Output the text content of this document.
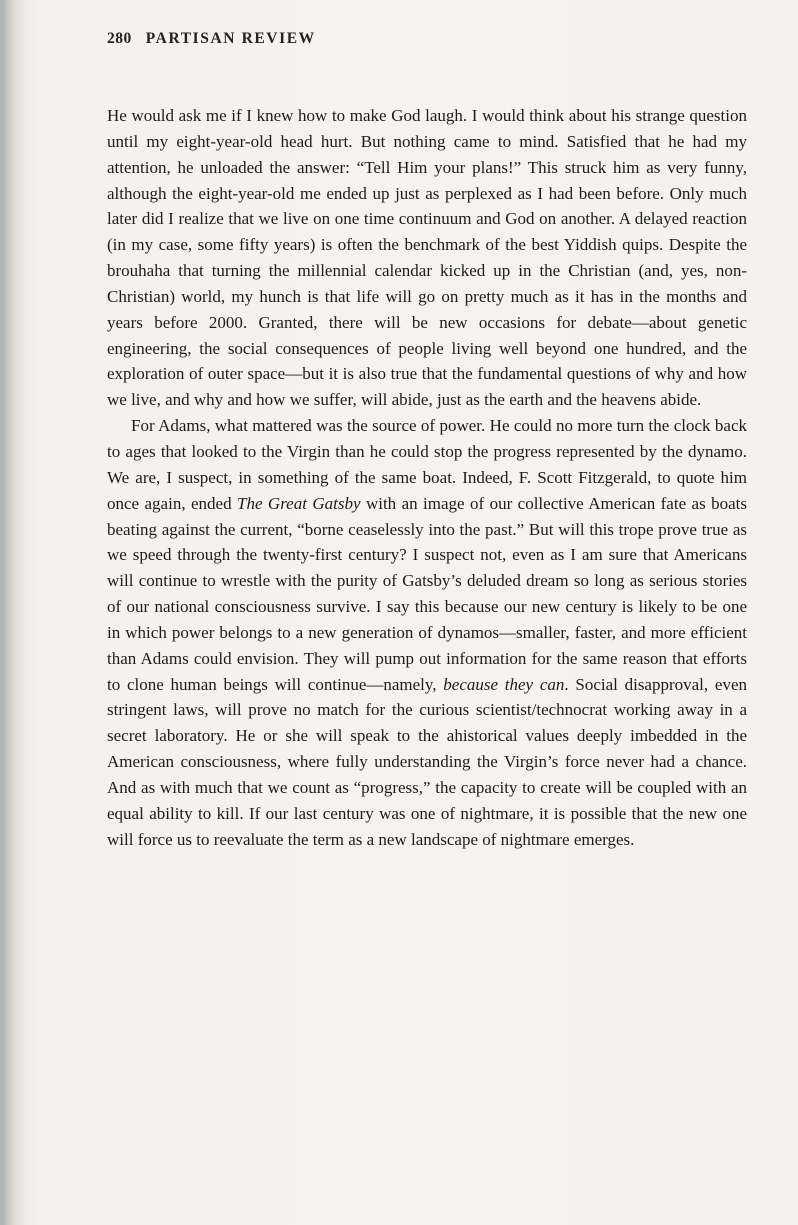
280 PARTISAN REVIEW

He would ask me if I knew how to make God laugh. I would think about his strange question until my eight-year-old head hurt. But nothing came to mind. Satisfied that he had my attention, he unloaded the answer: “Tell Him your plans!” This struck him as very funny, although the eight-year-old me ended up just as perplexed as I had been before. Only much later did I realize that we live on one time continuum and God on another. A delayed reaction (in my case, some fifty years) is often the benchmark of the best Yiddish quips. Despite the brouhaha that turning the millennial calendar kicked up in the Christian (and, yes, non-Christian) world, my hunch is that life will go on pretty much as it has in the months and years before 2000. Granted, there will be new occasions for debate—about genetic engineering, the social consequences of people living well beyond one hundred, and the exploration of outer space—but it is also true that the fundamental questions of why and how we live, and why and how we suffer, will abide, just as the earth and the heavens abide.

For Adams, what mattered was the source of power. He could no more turn the clock back to ages that looked to the Virgin than he could stop the progress represented by the dynamo. We are, I suspect, in something of the same boat. Indeed, F. Scott Fitzgerald, to quote him once again, ended The Great Gatsby with an image of our collective American fate as boats beating against the current, “borne ceaselessly into the past.” But will this trope prove true as we speed through the twenty-first century? I suspect not, even as I am sure that Americans will continue to wrestle with the purity of Gatsby’s deluded dream so long as serious stories of our national consciousness survive. I say this because our new century is likely to be one in which power belongs to a new generation of dynamos—smaller, faster, and more efficient than Adams could envision. They will pump out information for the same reason that efforts to clone human beings will continue—namely, because they can. Social disapproval, even stringent laws, will prove no match for the curious scientist/technocrat working away in a secret laboratory. He or she will speak to the ahistorical values deeply imbedded in the American consciousness, where fully understanding the Virgin’s force never had a chance. And as with much that we count as “progress,” the capacity to create will be coupled with an equal ability to kill. If our last century was one of nightmare, it is possible that the new one will force us to reevaluate the term as a new landscape of nightmare emerges.
